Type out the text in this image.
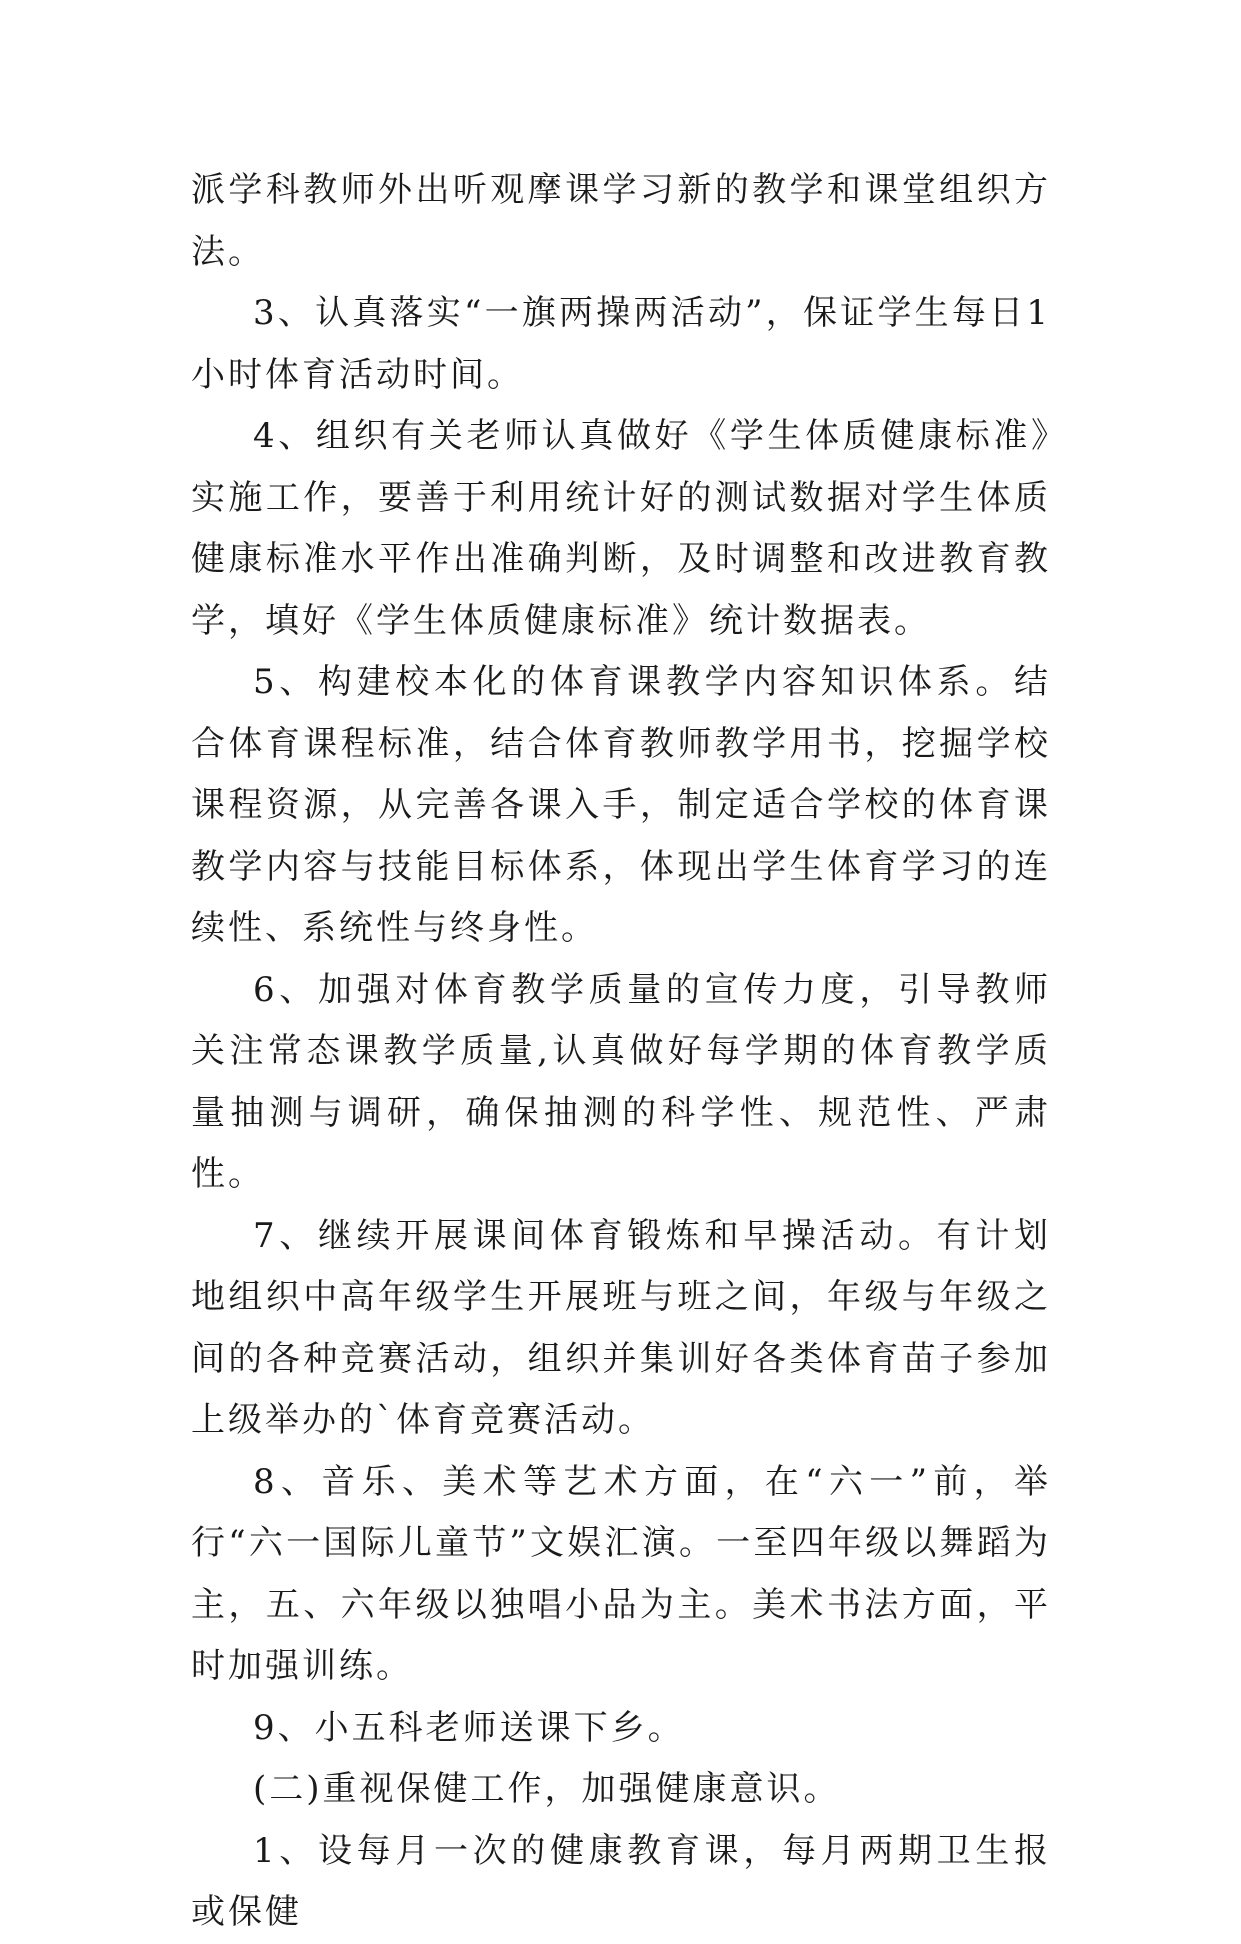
派学科教师外出听观摩课学习新的教学和课堂组织方法。

3、认真落实“一旗两操两活动”，保证学生每日1小时体育活动时间。

4、组织有关老师认真做好《学生体质健康标准》实施工作，要善于利用统计好的测试数据对学生体质健康标准水平作出准确判断，及时调整和改进教育教学，填好《学生体质健康标准》统计数据表。

5、构建校本化的体育课教学内容知识体系。结合体育课程标准，结合体育教师教学用书，挖掘学校课程资源，从完善各课入手，制定适合学校的体育课教学内容与技能目标体系，体现出学生体育学习的连续性、系统性与终身性。

6、加强对体育教学质量的宣传力度，引导教师关注常态课教学质量,认真做好每学期的体育教学质量抽测与调研，确保抽测的科学性、规范性、严肃性。

7、继续开展课间体育锻炼和早操活动。有计划地组织中高年级学生开展班与班之间，年级与年级之间的各种竞赛活动，组织并集训好各类体育苗子参加上级举办的`体育竞赛活动。

8、音乐、美术等艺术方面，在“六一”前，举行“六一国际儿童节”文娱汇演。一至四年级以舞蹈为主，五、六年级以独唱小品为主。美术书法方面，平时加强训练。

9、小五科老师送课下乡。

(二)重视保健工作，加强健康意识。

1、设每月一次的健康教育课，每月两期卫生报或保健
